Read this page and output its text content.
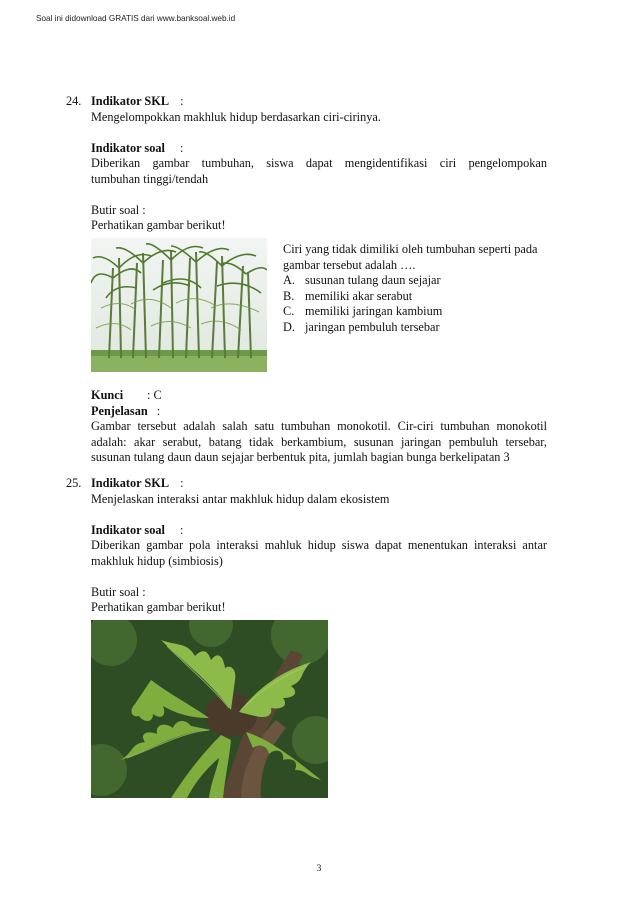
Soal ini didownload GRATIS dari www.banksoal.web.id
24. Indikator SKL :
Mengelompokkan makhluk hidup berdasarkan ciri-cirinya.
Indikator soal :
Diberikan gambar tumbuhan, siswa dapat mengidentifikasi ciri pengelompokan
tumbuhan tinggi/tendah
Butir soal :
Perhatikan gambar berikut!
Ciri yang tidak dimiliki oleh tumbuhan seperti pada
gambar tersebut adalah ….
A. susunan tulang daun sejajar
B. memiliki akar serabut
C. memiliki jaringan kambium
D. jaringan pembuluh tersebar
Kunci : C
Penjelasan :
Gambar tersebut adalah salah satu tumbuhan monokotil. Cir-ciri tumbuhan monokotil
adalah: akar serabut, batang tidak berkambium, susunan jaringan pembuluh tersebar,
susunan tulang daun daun sejajar berbentuk pita, jumlah bagian bunga berkelipatan 3
25. Indikator SKL :
Menjelaskan interaksi antar makhluk hidup dalam ekosistem
Indikator soal :
Diberikan gambar pola interaksi mahluk hidup siswa dapat menentukan interaksi antar
makhluk hidup (simbiosis)
Butir soal :
Perhatikan gambar berikut!
3
